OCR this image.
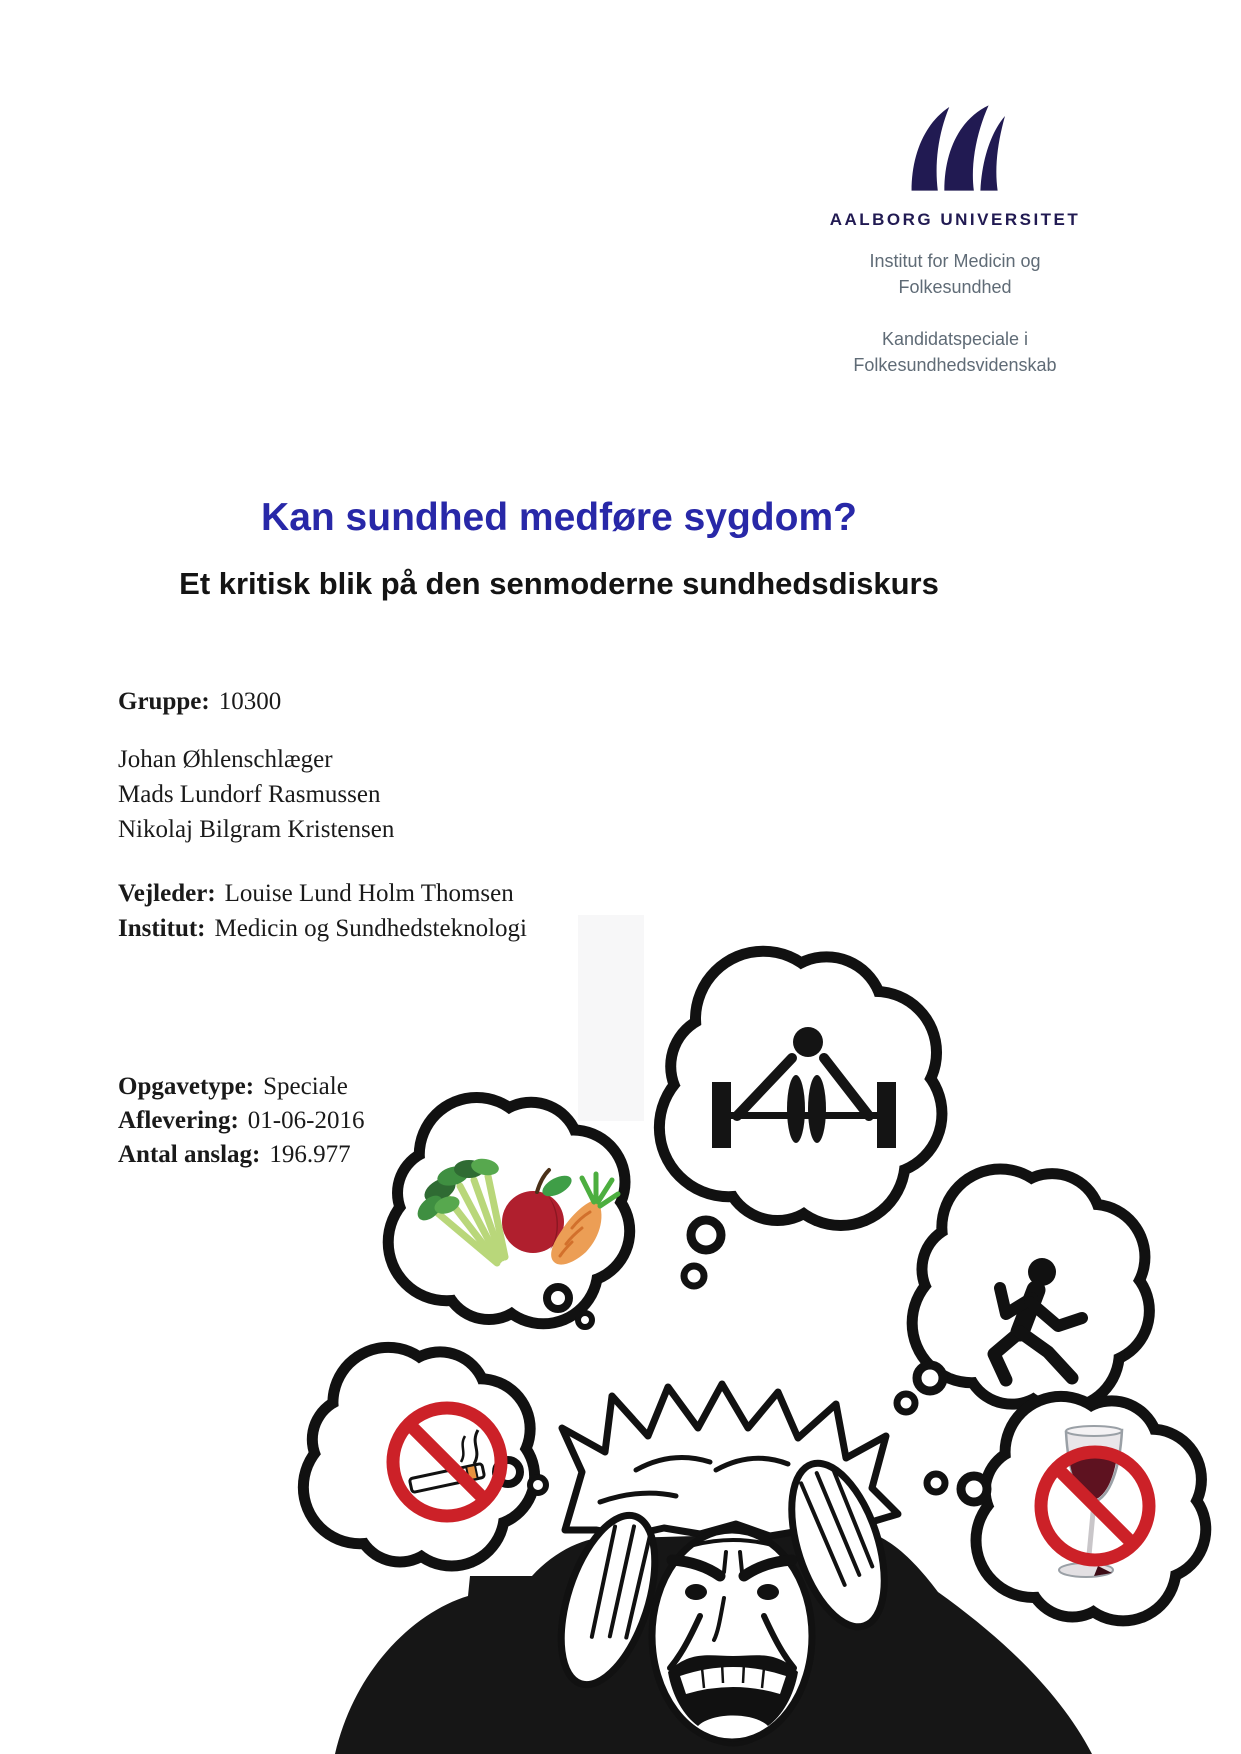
AALBORG UNIVERSITET
Institut for Medicin og
Folkesundhed
Kandidatspeciale i
Folkesundhedsvidenskab
Kan sundhed medføre sygdom?
Et kritisk blik på den senmoderne sundhedsdiskurs
Gruppe: 10300
Johan Øhlenschlæger
Mads Lundorf Rasmussen
Nikolaj Bilgram Kristensen
Vejleder: Louise Lund Holm Thomsen
Institut: Medicin og Sundhedsteknologi
Opgavetype: Speciale
Aflevering: 01-06-2016
Antal anslag: 196.977
